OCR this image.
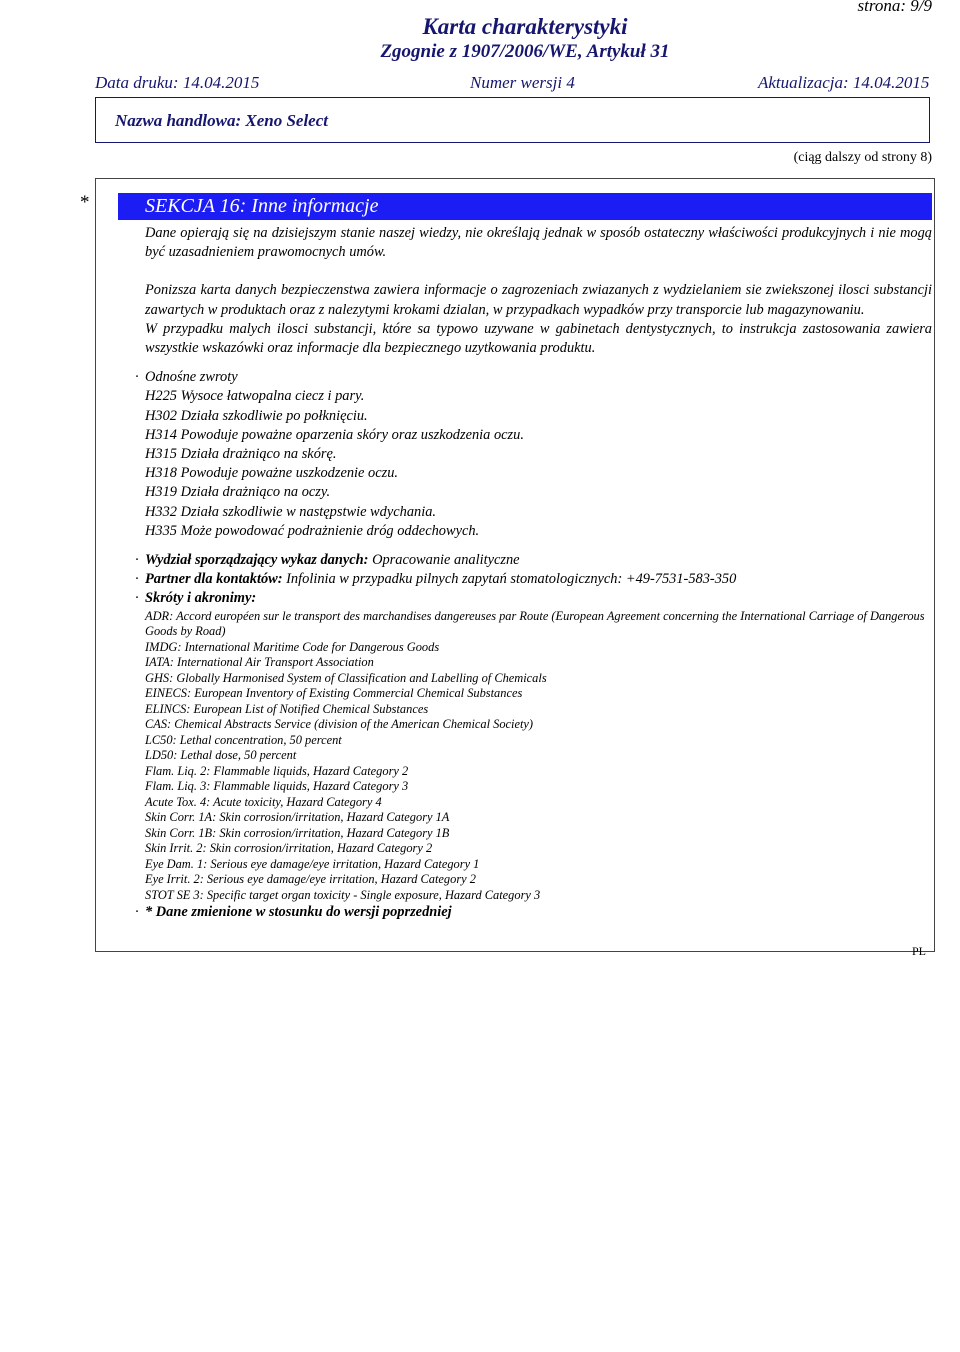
strona: 9/9
Karta charakterystyki
Zgognie z 1907/2006/WE, Artykuł 31
Data druku: 14.04.2015	Numer wersji 4	Aktualizacja: 14.04.2015
Nazwa handlowa: Xeno Select
(ciąg dalszy od strony 8)
*	SEKCJA 16: Inne informacje

Dane opierają się na dzisiejszym stanie naszej wiedzy, nie określają jednak w sposób ostateczny właściwości produkcyjnych i nie mogą być uzasadnieniem prawomocnych umów.

Ponizsza karta danych bezpieczenstwa zawiera informacje o zagrozeniach zwiazanych z wydzielaniem sie zwiekszonej ilosci substancji zawartych w produktach oraz z nalezytymi krokami dzialan, w przypadkach wypadków przy transporcie lub magazynowaniu.

W przypadku malych ilosci substancji, które sa typowo uzywane w gabinetach dentystycznych, to instrukcja zastosowania zawiera wszystkie wskazówki oraz informacje dla bezpiecznego uzytkowania produktu.

· Odnośne zwroty

H225 Wysoce łatwopalna ciecz i pary.
H302 Działa szkodliwie po połknięciu.
H314 Powoduje poważne oparzenia skóry oraz uszkodzenia oczu.
H315 Działa drażniąco na skórę.
H318 Powoduje poważne uszkodzenie oczu.
H319 Działa drażniąco na oczy.
H332 Działa szkodliwie w następstwie wdychania.
H335 Może powodować podrażnienie dróg oddechowych.

· Wydział sporządzający wykaz danych: Opracowanie analityczne

· Partner dla kontaktów: Infolinia w przypadku pilnych zapytań stomatologicznych: +49-7531-583-350

· Skróty i akronimy:

ADR: Accord européen sur le transport des marchandises dangereuses par Route (European Agreement concerning the International Carriage of Dangerous Goods by Road)
IMDG: International Maritime Code for Dangerous Goods
IATA: International Air Transport Association
GHS: Globally Harmonised System of Classification and Labelling of Chemicals
EINECS: European Inventory of Existing Commercial Chemical Substances
ELINCS: European List of Notified Chemical Substances
CAS: Chemical Abstracts Service (division of the American Chemical Society)
LC50: Lethal concentration, 50 percent
LD50: Lethal dose, 50 percent
Flam. Liq. 2: Flammable liquids, Hazard Category 2
Flam. Liq. 3: Flammable liquids, Hazard Category 3
Acute Tox. 4: Acute toxicity, Hazard Category 4
Skin Corr. 1A: Skin corrosion/irritation, Hazard Category 1A
Skin Corr. 1B: Skin corrosion/irritation, Hazard Category 1B
Skin Irrit. 2: Skin corrosion/irritation, Hazard Category 2
Eye Dam. 1: Serious eye damage/eye irritation, Hazard Category 1
Eye Irrit. 2: Serious eye damage/eye irritation, Hazard Category 2
STOT SE 3: Specific target organ toxicity - Single exposure, Hazard Category 3

· * Dane zmienione w stosunku do wersji poprzedniej

PL
